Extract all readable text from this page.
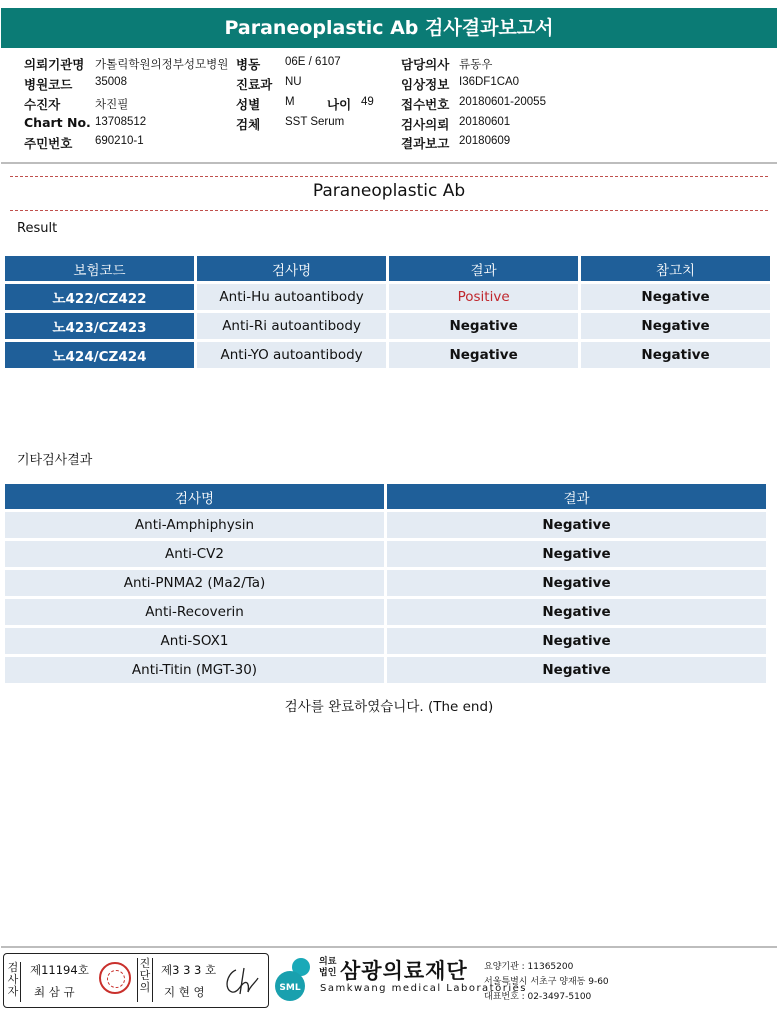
Paraneoplastic Ab 검사결과보고서
의뢰기관명 가톨릭학원의정부성모병원
병원코드 35008
수진자	차진필
Chart No. 13708512
주민번호 690210-1
병동 06E / 6107
진료과 NU
성별 M	나이 49
검체 SST Serum
담당의사 류동우
임상정보 I36DF1CA0
접수번호 20180601-20055
검사의뢰 20180601
결과보고 20180609
Paraneoplastic Ab
Result
보험코드	검사명	결과	참고치
노422/CZ422	Anti-Hu autoantibody	Positive	Negative
노423/CZ423	Anti-Ri autoantibody	Negative	Negative
노424/CZ424	Anti-YO autoantibody	Negative	Negative
기타검사결과
검사명	결과
Anti-Amphiphysin	Negative
Anti-CV2	Negative
Anti-PNMA2 (Ma2/Ta)	Negative
Anti-Recoverin	Negative
Anti-SOX1	Negative
Anti-Titin (MGT-30)	Negative
검사를 완료하였습니다. (The end)
검사자
제11194호
최 삼 규
진단의
제3 3 3 호
지 현 영	SML
의료
법인 삼광의료재단
Samkwang medical Laboratories
요양기관 : 11365200
서울특별시 서초구 양재동 9-60
대표번호 : 02-3497-5100
